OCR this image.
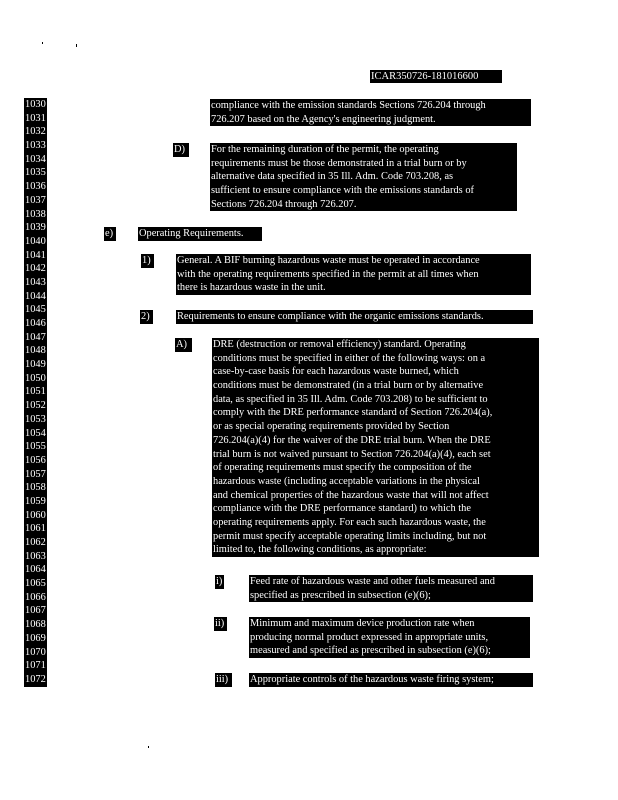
ICAR350726-181016600
1030
1031
1032
1033
1034
1035
1036
1037
1038
1039
1040
1041
1042
1043
1044
1045
1046
1047
1048
1049
1050
1051
1052
1053
1054
1055
1056
1057
1058
1059
1060
1061
1062
1063
1064
1065
1066
1067
1068
1069
1070
1071
1072
compliance with the emission standards Sections 726.204 through
726.207 based on the Agency's engineering judgment.
D)	For the remaining duration of the permit, the operating
requirements must be those demonstrated in a trial burn or by
alternative data specified in 35 Ill. Adm. Code 703.208, as
sufficient to ensure compliance with the emissions standards of
Sections 726.204 through 726.207.
e) Operating Requirements.
1)	General. A BIF burning hazardous waste must be operated in accordance
with the operating requirements specified in the permit at all times when
there is hazardous waste in the unit.
2)	Requirements to ensure compliance with the organic emissions standards.
A)	DRE (destruction or removal efficiency) standard. Operating
conditions must be specified in either of the following ways: on a
case-by-case basis for each hazardous waste burned, which
conditions must be demonstrated (in a trial burn or by alternative
data, as specified in 35 Ill. Adm. Code 703.208) to be sufficient to
comply with the DRE performance standard of Section 726.204(a),
or as special operating requirements provided by Section
726.204(a)(4) for the waiver of the DRE trial burn. When the DRE
trial burn is not waived pursuant to Section 726.204(a)(4), each set
of operating requirements must specify the composition of the
hazardous waste (including acceptable variations in the physical
and chemical properties of the hazardous waste that will not affect
compliance with the DRE performance standard) to which the
operating requirements apply. For each such hazardous waste, the
permit must specify acceptable operating limits including, but not
limited to, the following conditions, as appropriate:
i)	Feed rate of hazardous waste and other fuels measured and
specified as prescribed in subsection (e)(6);
ii) Minimum and maximum device production rate when
producing normal product expressed in appropriate units,
measured and specified as prescribed in subsection (e)(6);
iii)	Appropriate controls of the hazardous waste firing system;
